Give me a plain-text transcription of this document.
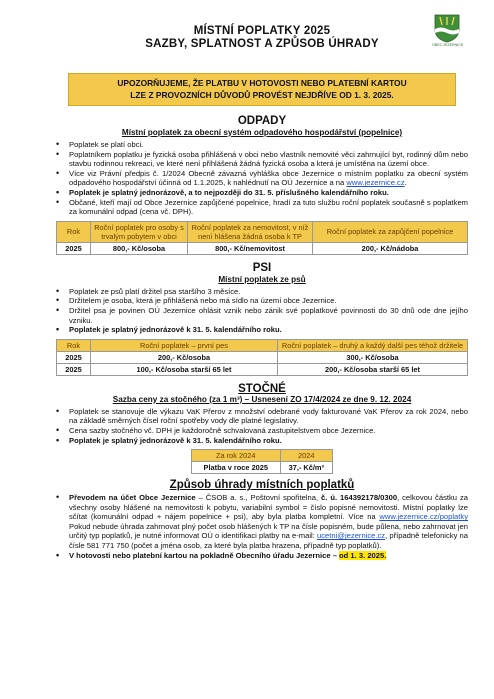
MÍSTNÍ POPLATKY 2025
SAZBY, SPLATNOST A ZPŮSOB ÚHRADY	OBEC JEZERNICE
UPOZORŇUJEME, ŽE PLATBU V HOTOVOSTI NEBO PLATEBNÍ KARTOU
LZE Z PROVOZNÍCH DŮVODŮ PROVÉST NEJDŘÍVE OD 1. 3. 2025.
ODPADY
Místní poplatek za obecní systém odpadového hospodářství (popelnice)
• Poplatek se platí obci.
• Poplatníkem poplatku je fyzická osoba přihlášená v obci nebo vlastník nemovité věci zahrnující byt, rodinný dům nebo stavbu rodinnou rekreaci, ve které není přihlášená žádná fyzická osoba a která je umístěna na území obce.
• Více viz Právní předpis č. 1/2024 Obecně závazná vyhláška obce Jezernice o místním poplatku za obecní systém odpadového hospodářství účinná od 1.1.2025, k nahlédnutí na OÚ Jezernice a na www.jezernice.cz.
• Poplatek je splatný jednorázově, a to nejpozději do 31. 5. příslušného kalendářního roku.
• Občané, kteří mají od Obce Jezernice zapůjčené popelnice, hradí za tuto službu roční poplatek současně s poplatkem za komunální odpad (cena vč. DPH).
Rok	Roční poplatek pro osoby s trvalým pobytem v obci	Roční poplatek za nemovitost, v níž není hlášena žádná osoba k TP	Roční poplatek za zapůjčení popelnice
2025	800,- Kč/osoba	800,- Kč/nemovitost	200,- Kč/nádoba
PSI
Místní poplatek ze psů
• Poplatek ze psů platí držitel psa staršího 3 měsíce.
• Držitelem je osoba, která je přihlášená nebo má sídlo na území obce Jezernice.
• Držitel psa je povinen OÚ Jezernice ohlásit vznik nebo zánik své poplatkové povinnosti do 30 dnů ode dne jejího vzniku.
• Poplatek je splatný jednorázově k 31. 5. kalendářního roku.
Rok	Roční poplatek – první pes	Roční poplatek – druhý a každý další pes téhož držitele
2025	200,- Kč/osoba	300,- Kč/osoba
2025	100,- Kč/osoba starší 65 let	200,- Kč/osoba starší 65 let
STOČNÉ
Sazba ceny za stočného (za 1 m³) – Usnesení ZO 17/4/2024 ze dne 9. 12. 2024
• Poplatek se stanovuje dle výkazu VaK Přerov z množství odebrané vody fakturované VaK Přerov za rok 2024, nebo na základě směrných čísel roční spotřeby vody dle platné legislativy.
• Cena sazby stočného vč. DPH je každoročně schvalovaná zastupitelstvem obce Jezernice.
• Poplatek je splatný jednorázově k 31. 5. kalendářního roku.
Za rok 2024	2024
Platba v roce 2025	37,- Kč/m³
Způsob úhrady místních poplatků
• Převodem na účet Obce Jezernice – ČSOB a. s., Poštovní spořitelna, č. ú. 164392178/0300, celkovou částku za všechny osoby hlášené na nemovitosti k pobytu, variabilní symbol = číslo popisné nemovitosti. Místní poplatky lze sčítat (komunální odpad + nájem popelnice + psi), aby byla platba kompletní. Více na www.jezernice.cz/poplatky Pokud nebude úhrada zahrnovat plný počet osob hlášených k TP na čísle popisném, bude půlena, nebo zahrnovat jen určitý typ poplatků, je nutné informovat OÚ o identifikaci platby na e-mail: ucetni@jezernice.cz, případně telefonicky na čísle 581 771 750 (počet a jména osob, za které byla platba hrazena, případně typ poplatků).
• V hotovosti nebo platební kartou na pokladně Obecního úřadu Jezernice – od 1. 3. 2025.
